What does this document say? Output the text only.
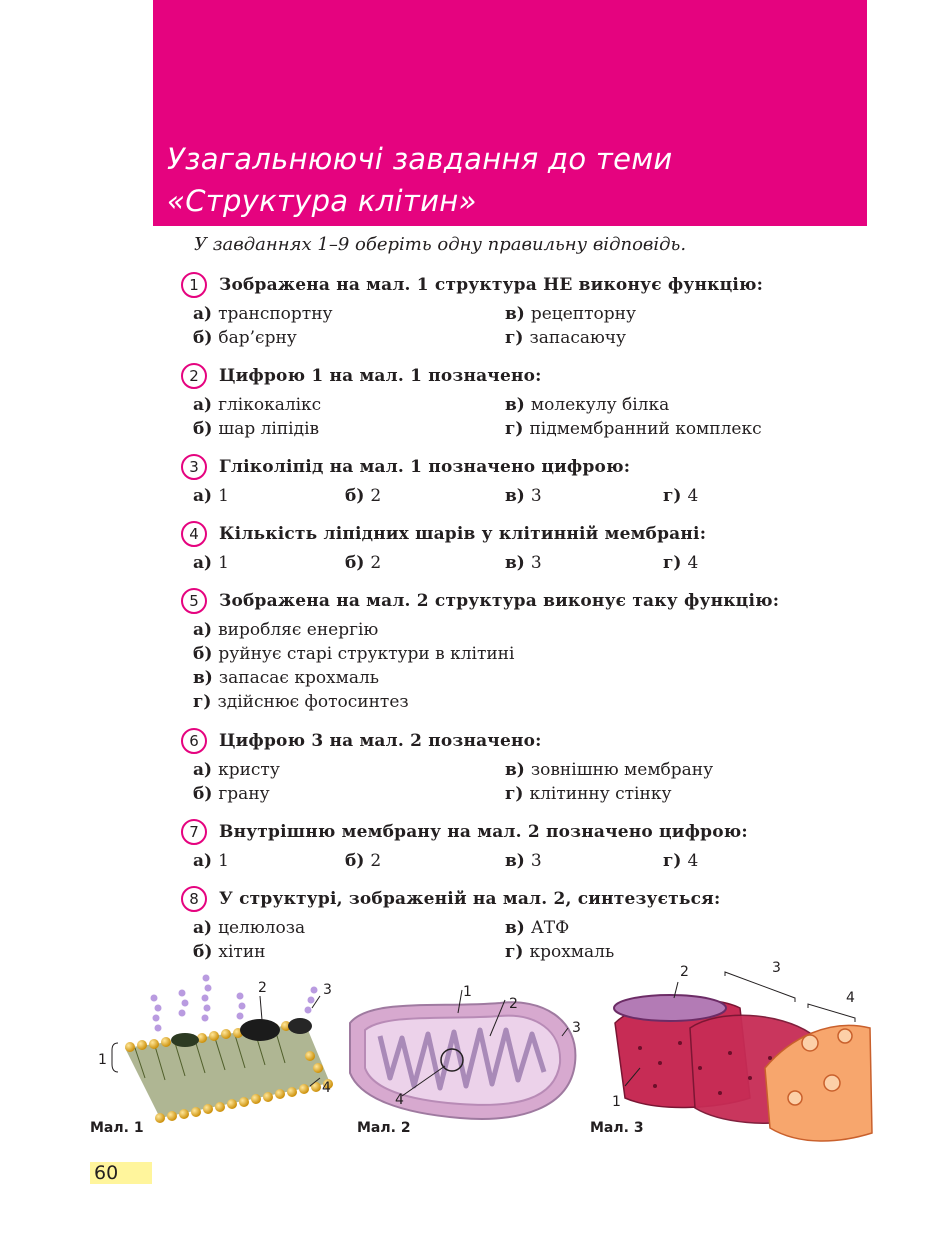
Узагальнюючі завдання до теми
«Структура клітин»
У завданнях 1–9 оберіть одну правильну відповідь.
1	Зображена на мал. 1 структура НЕ виконує функцію:
а) транспортну
б) бар’єрну
в) рецепторну
г) запасаючу
2	Цифрою 1 на мал. 1 позначено:
а) глікокалікс
б) шар ліпідів
в) молекулу білка
г) підмембранний комплекс
3	Гліколіпід на мал. 1 позначено цифрою:
а) 1	б) 2	в) 3	г) 4
4	Кількість ліпідних шарів у клітинній мембрані:
а) 1	б) 2	в) 3	г) 4
5	Зображена на мал. 2 структура виконує таку функцію:
а) виробляє енергію
б) руйнує старі структури в клітині
в) запасає крохмаль
г) здійснює фотосинтез
6	Цифрою 3 на мал. 2 позначено:
а) кристу
б) грану
в) зовнішню мембрану
г) клітинну стінку
7	Внутрішню мембрану на мал. 2 позначено цифрою:
а) 1	б) 2	в) 3	г) 4
8	У структурі, зображеній на мал. 2, синтезується:
а) целюлоза
б) хітин
в) АТФ
г) крохмаль
1
2	3
4
Мал. 1
1
2
3
4
Мал. 2
2	3
4
1
Мал. 3
60
